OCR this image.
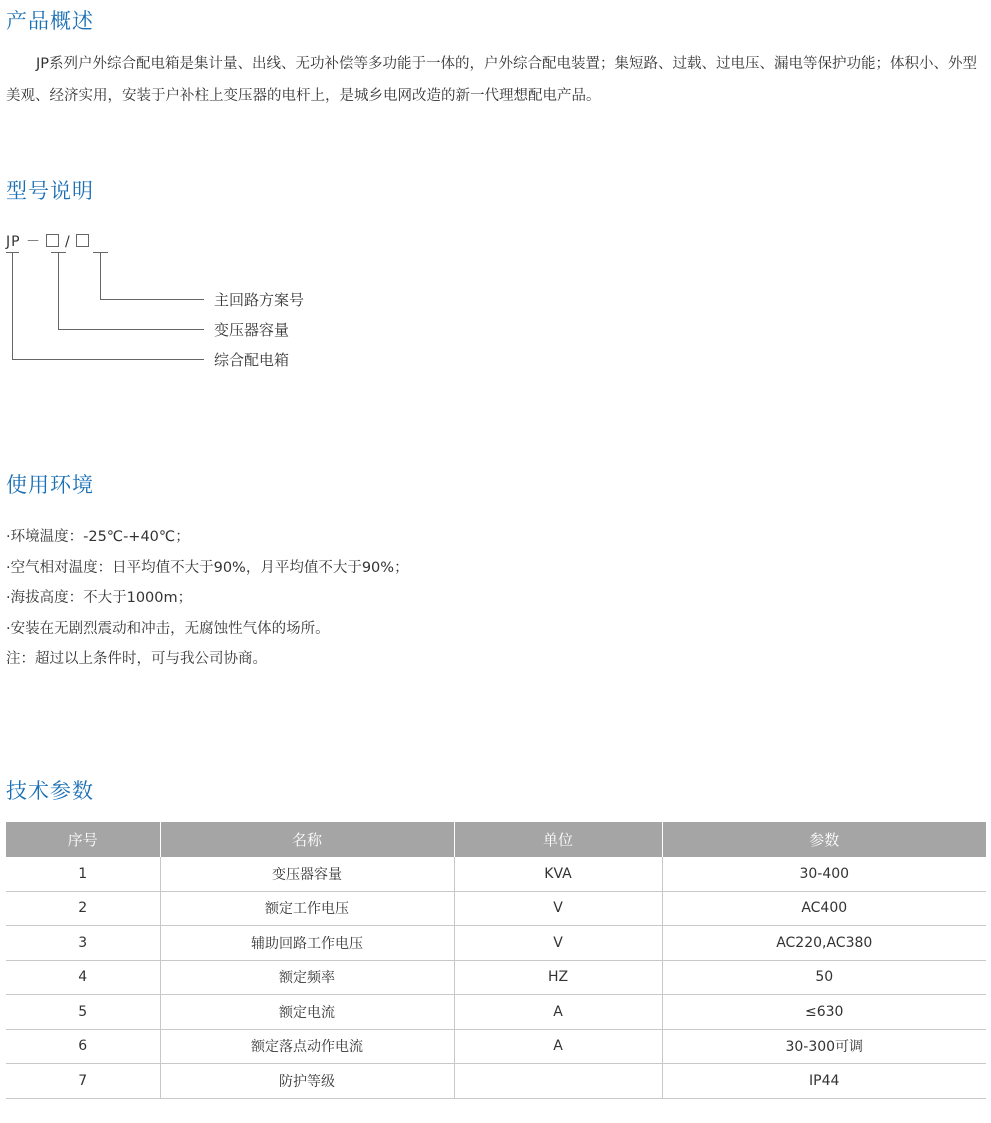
产品概述

JP系列户外综合配电箱是集计量、出线、无功补偿等多功能于一体的，户外综合配电装置；集短路、过载、过电压、漏电等保护功能；体积小、外型美观、经济实用，安装于户补柱上变压器的电杆上，是城乡电网改造的新一代理想配电产品。

型号说明
JP － /
主回路方案号
变压器容量
综合配电箱
使用环境
·环境温度：-25℃-+40℃；
·空气相对温度：日平均值不大于90%，月平均值不大于90%；
·海拔高度：不大于1000m；
·安装在无剧烈震动和冲击，无腐蚀性气体的场所。
注：超过以上条件时，可与我公司协商。
技术参数
序号	名称	单位	参数
1	变压器容量	KVA	30-400
2	额定工作电压	V	AC400
3	辅助回路工作电压	V	AC220,AC380
4	额定频率	HZ	50
5	额定电流	A	≤630
6	额定落点动作电流	A	30-300可调
7	防护等级		IP44
